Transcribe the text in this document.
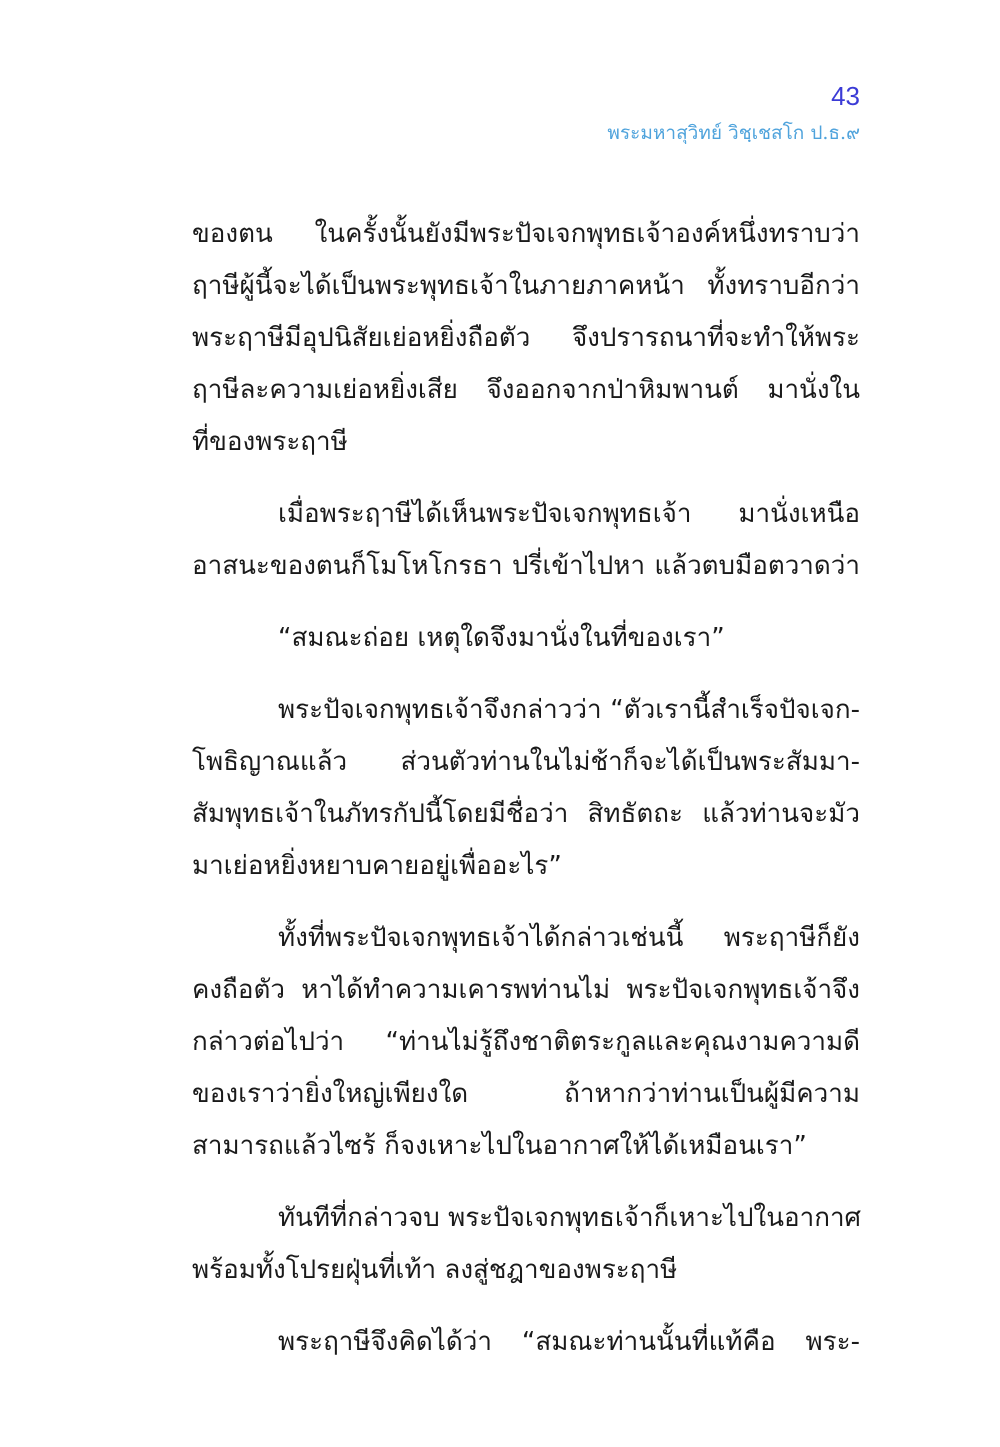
43
พระมหาสุวิทย์ วิชฺเชสโก ป.ธ.๙
ของตน ในครั้งนั้นยังมีพระปัจเจกพุทธเจ้าองค์หนึ่งทราบว่า
ฤาษีผู้นี้จะได้เป็นพระพุทธเจ้าในภายภาคหน้า ทั้งทราบอีกว่า
พระฤาษีมีอุปนิสัยเย่อหยิ่งถือตัว จึงปรารถนาที่จะทำให้พระ
ฤาษีละความเย่อหยิ่งเสีย จึงออกจากป่าหิมพานต์ มานั่งใน
ที่ของพระฤาษี
เมื่อพระฤาษีได้เห็นพระปัจเจกพุทธเจ้า มานั่งเหนือ
อาสนะของตนก็โมโหโกรธา ปรี่เข้าไปหา แล้วตบมือตวาดว่า
“สมณะถ่อย เหตุใดจึงมานั่งในที่ของเรา”
พระปัจเจกพุทธเจ้าจึงกล่าวว่า “ตัวเรานี้สำเร็จปัจเจก-
โพธิญาณแล้ว ส่วนตัวท่านในไม่ช้าก็จะได้เป็นพระสัมมา-
สัมพุทธเจ้าในภัทรกัปนี้โดยมีชื่อว่า สิทธัตถะ แล้วท่านจะมัว
มาเย่อหยิ่งหยาบคายอยู่เพื่ออะไร”
ทั้งที่พระปัจเจกพุทธเจ้าได้กล่าวเช่นนี้ พระฤาษีก็ยัง
คงถือตัว หาได้ทำความเคารพท่านไม่ พระปัจเจกพุทธเจ้าจึง
กล่าวต่อไปว่า “ท่านไม่รู้ถึงชาติตระกูลและคุณงามความดี
ของเราว่ายิ่งใหญ่เพียงใด ถ้าหากว่าท่านเป็นผู้มีความ
สามารถแล้วไซร้ ก็จงเหาะไปในอากาศให้ได้เหมือนเรา”
ทันทีที่กล่าวจบ พระปัจเจกพุทธเจ้าก็เหาะไปในอากาศ
พร้อมทั้งโปรยฝุ่นที่เท้า ลงสู่ชฎาของพระฤาษี
พระฤาษีจึงคิดได้ว่า “สมณะท่านนั้นที่แท้คือ พระ-
